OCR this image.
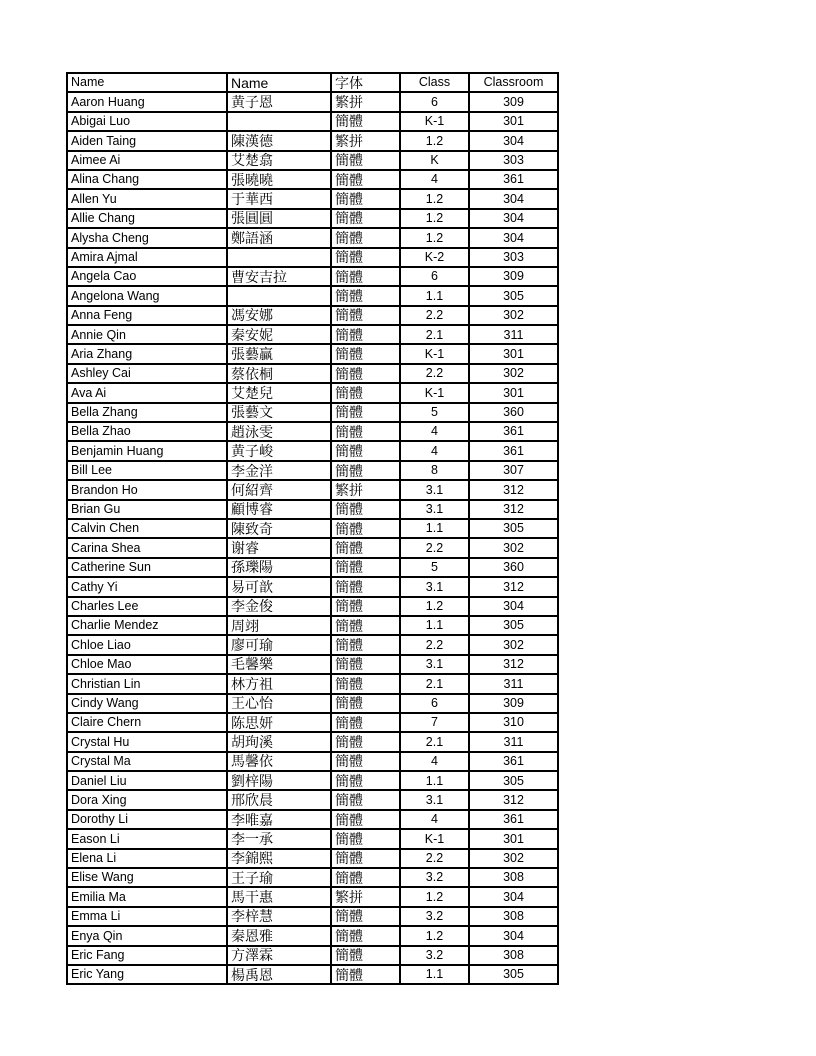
Name	Name	字体	Class	Classroom
Aaron Huang	黄子恩	繁拼	6	309
Abigai Luo		簡體	K-1	301
Aiden Taing	陳漢德	繁拼	1.2	304
Aimee Ai	艾楚翕	簡體	K	303
Alina Chang	張曉曉	簡體	4	361
Allen Yu	于華西	簡體	1.2	304
Allie Chang	張圓圓	簡體	1.2	304
Alysha Cheng	鄭語涵	簡體	1.2	304
Amira Ajmal		簡體	K-2	303
Angela Cao	曹安吉拉	簡體	6	309
Angelona Wang		簡體	1.1	305
Anna Feng	馮安娜	簡體	2.2	302
Annie Qin	秦安妮	簡體	2.1	311
Aria Zhang	張藝贏	簡體	K-1	301
Ashley Cai	蔡依桐	簡體	2.2	302
Ava Ai	艾楚兒	簡體	K-1	301
Bella Zhang	張藝文	簡體	5	360
Bella Zhao	趙泳雯	簡體	4	361
Benjamin Huang	黄子峻	簡體	4	361
Bill Lee	李金洋	簡體	8	307
Brandon Ho	何紹齊	繁拼	3.1	312
Brian Gu	顧博睿	簡體	3.1	312
Calvin Chen	陳致奇	簡體	1.1	305
Carina Shea	谢睿	簡體	2.2	302
Catherine Sun	孫瓅陽	簡體	5	360
Cathy Yi	易可歆	簡體	3.1	312
Charles Lee	李金俊	簡體	1.2	304
Charlie Mendez	周翊	簡體	1.1	305
Chloe Liao	廖可瑜	簡體	2.2	302
Chloe Mao	毛馨樂	簡體	3.1	312
Christian Lin	林方祖	簡體	2.1	311
Cindy Wang	王心怡	簡體	6	309
Claire Chern	陈思妍	簡體	7	310
Crystal Hu	胡珣溪	簡體	2.1	311
Crystal Ma	馬馨依	簡體	4	361
Daniel Liu	劉梓陽	簡體	1.1	305
Dora Xing	邢欣晨	簡體	3.1	312
Dorothy Li	李唯嘉	簡體	4	361
Eason Li	李一承	簡體	K-1	301
Elena Li	李錦熙	簡體	2.2	302
Elise Wang	王子瑜	簡體	3.2	308
Emilia Ma	馬干惠	繁拼	1.2	304
Emma Li	李梓慧	簡體	3.2	308
Enya Qin	秦恩雅	簡體	1.2	304
Eric Fang	方澤霖	簡體	3.2	308
Eric Yang	楊禹恩	簡體	1.1	305
